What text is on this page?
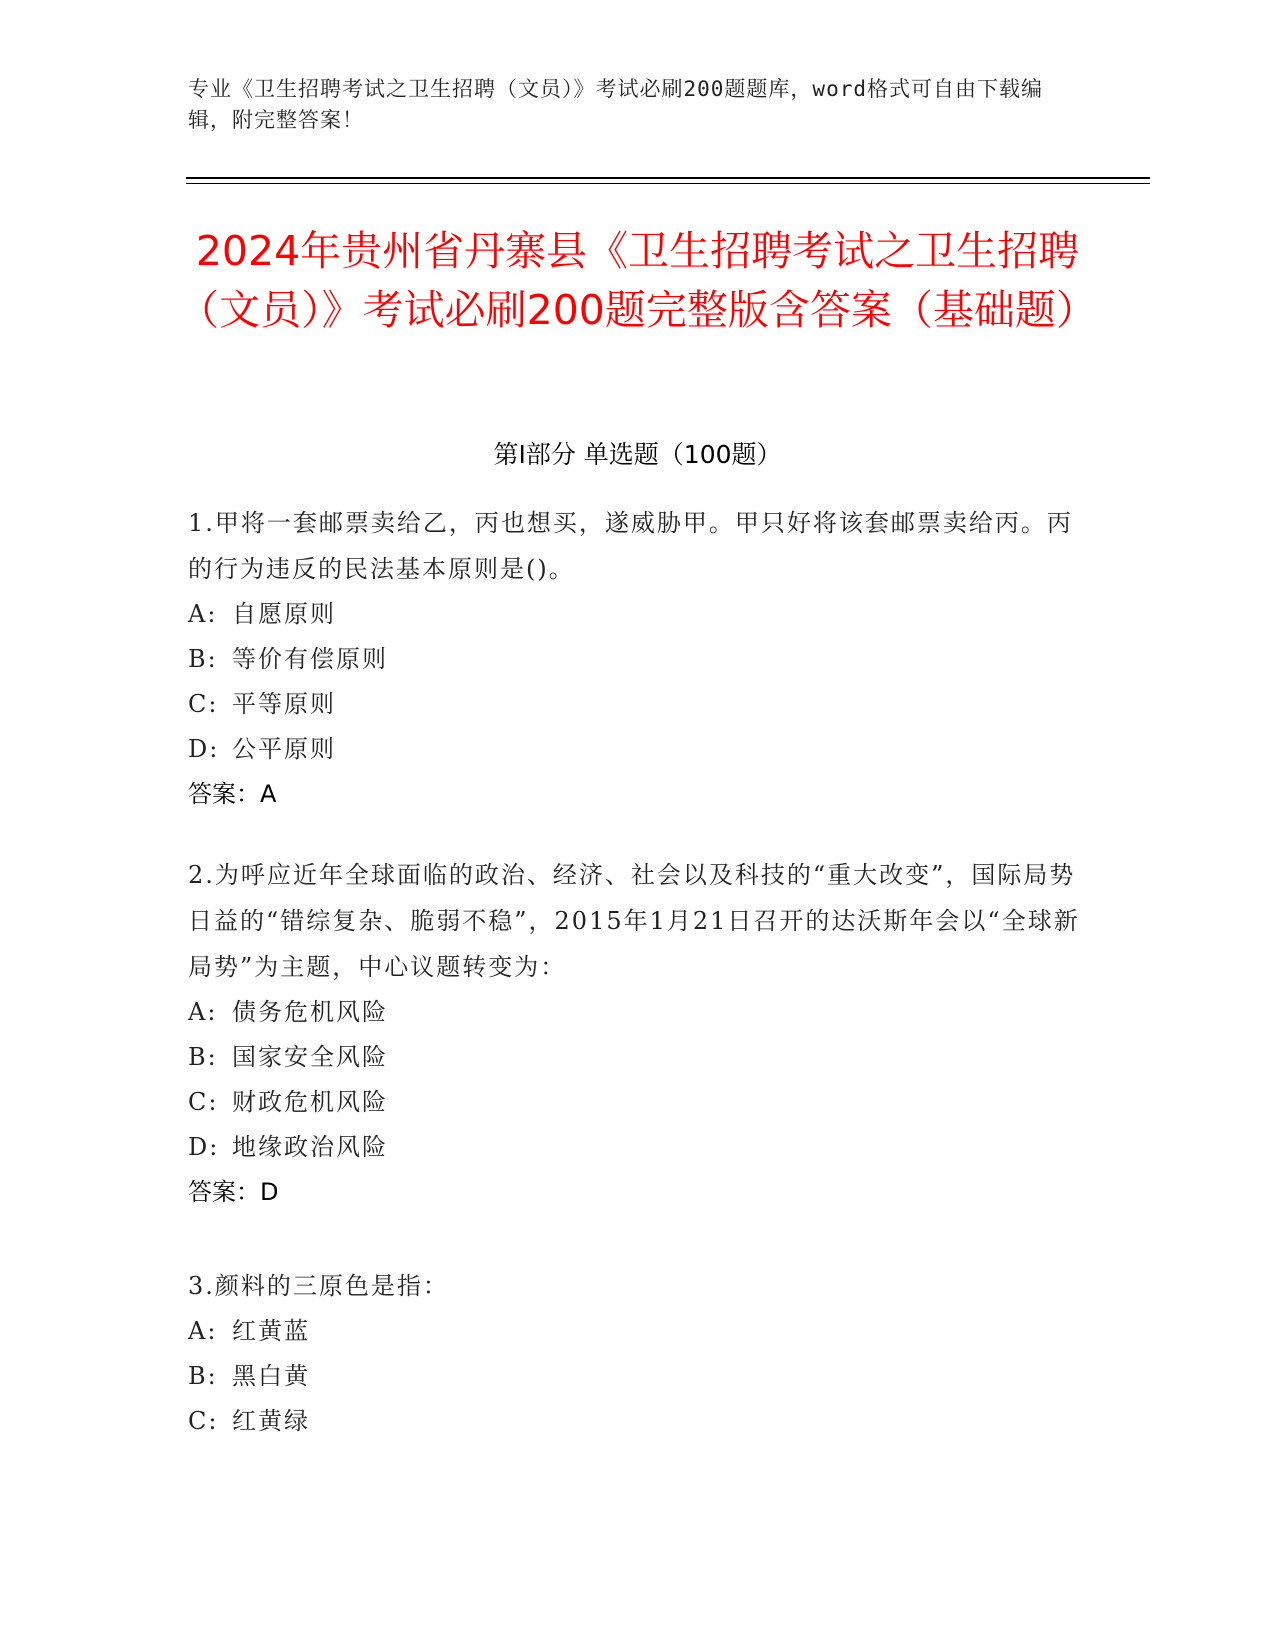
专业《卫生招聘考试之卫生招聘（文员）》考试必刷200题题库，word格式可自由下载编辑，附完整答案！
2024年贵州省丹寨县《卫生招聘考试之卫生招聘（文员）》考试必刷200题完整版含答案（基础题）
第Ⅰ部分 单选题（100题）
1.甲将一套邮票卖给乙，丙也想买，遂威胁甲。甲只好将该套邮票卖给丙。丙的行为违反的民法基本原则是()。
A: 自愿原则
B: 等价有偿原则
C: 平等原则
D: 公平原则
答案：A
2.为呼应近年全球面临的政治、经济、社会以及科技的“重大改变”，国际局势日益的“错综复杂、脆弱不稳”，2015年1月21日召开的达沃斯年会以“全球新局势”为主题，中心议题转变为：
A: 债务危机风险
B: 国家安全风险
C: 财政危机风险
D: 地缘政治风险
答案：D
3.颜料的三原色是指：
A: 红黄蓝
B: 黑白黄
C: 红黄绿
